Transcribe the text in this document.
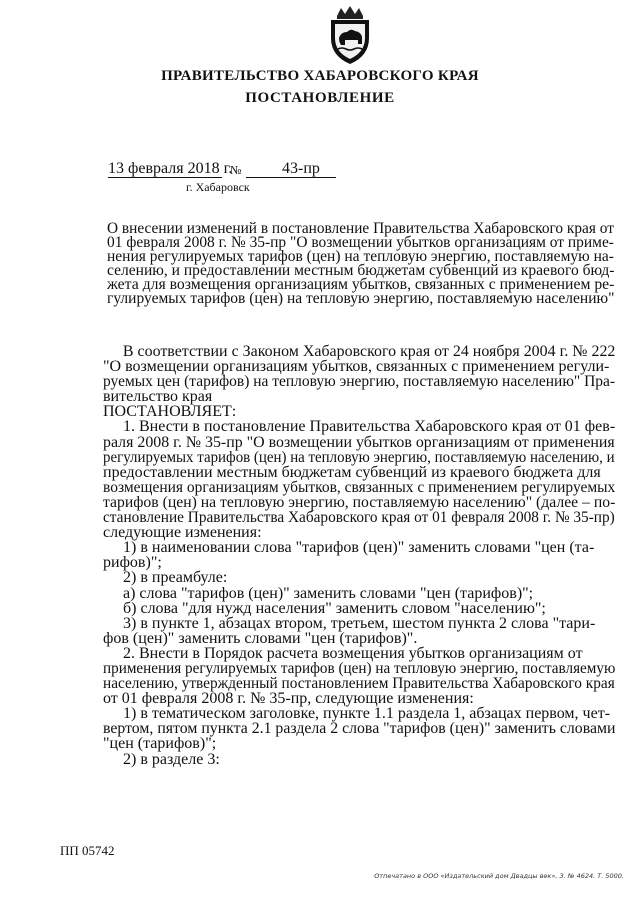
ПРАВИТЕЛЬСТВО ХАБАРОВСКОГО КРАЯ
ПОСТАНОВЛЕНИЕ
13 февраля 2018 г.
№	43-пр
г. Хабаровск
О внесении изменений в постановление Правительства Хабаровского края от
01 февраля 2008 г. № 35-пр "О возмещении убытков организациям от приме-
нения регулируемых тарифов (цен) на тепловую энергию, поставляемую на-
селению, и предоставлении местным бюджетам субвенций из краевого бюд-
жета для возмещения организациям убытков, связанных с применением ре-
гулируемых тарифов (цен) на тепловую энергию, поставляемую населению"
В соответствии с Законом Хабаровского края от 24 ноября 2004 г. № 222
"О возмещении организациям убытков, связанных с применением регули-
руемых цен (тарифов) на тепловую энергию, поставляемую населению" Пра-
вительство края
ПОСТАНОВЛЯЕТ:
1. Внести в постановление Правительства Хабаровского края от 01 фев-
раля 2008 г. № 35-пр "О возмещении убытков организациям от применения
регулируемых тарифов (цен) на тепловую энергию, поставляемую населению, и
предоставлении местным бюджетам субвенций из краевого бюджета для
возмещения организациям убытков, связанных с применением регулируемых
тарифов (цен) на тепловую энергию, поставляемую населению" (далее – по-
становление Правительства Хабаровского края от 01 февраля 2008 г. № 35-пр)
следующие изменения:
1) в наименовании слова "тарифов (цен)" заменить словами "цен (та-
рифов)";
2) в преамбуле:
а) слова "тарифов (цен)" заменить словами "цен (тарифов)";
б) слова "для нужд населения" заменить словом "населению";
3) в пункте 1, абзацах втором, третьем, шестом пункта 2 слова "тари-
фов (цен)" заменить словами "цен (тарифов)".
2. Внести в Порядок расчета возмещения убытков организациям от
применения регулируемых тарифов (цен) на тепловую энергию, поставляемую
населению, утвержденный постановлением Правительства Хабаровского края
от 01 февраля 2008 г. № 35-пр, следующие изменения:
1) в тематическом заголовке, пункте 1.1 раздела 1, абзацах первом, чет-
вертом, пятом пункта 2.1 раздела 2 слова "тарифов (цен)" заменить словами
"цен (тарифов)";
2) в разделе 3:
ПП 05742
Отпечатано в ООО «Издательский дом Двадцы век», З. № 4624. Т. 5000.
